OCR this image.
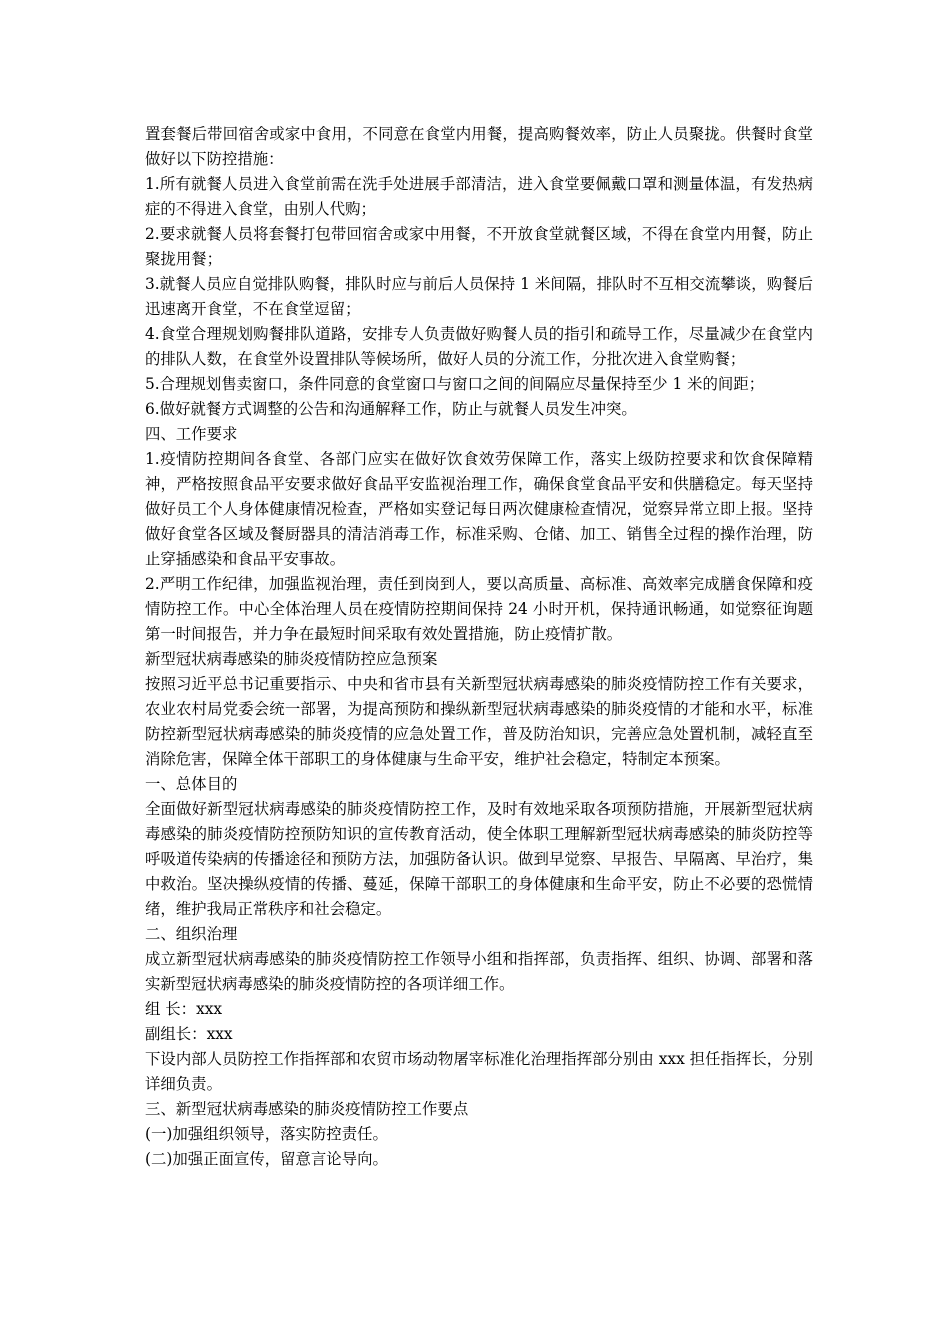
置套餐后带回宿舍或家中食用，不同意在食堂内用餐，提高购餐效率，防止人员聚拢。供餐时食堂做好以下防控措施：

1.所有就餐人员进入食堂前需在洗手处进展手部清洁，进入食堂要佩戴口罩和测量体温，有发热病症的不得进入食堂，由别人代购；

2.要求就餐人员将套餐打包带回宿舍或家中用餐，不开放食堂就餐区域，不得在食堂内用餐，防止聚拢用餐；

3.就餐人员应自觉排队购餐，排队时应与前后人员保持 1 米间隔，排队时不互相交流攀谈，购餐后迅速离开食堂，不在食堂逗留；

4.食堂合理规划购餐排队道路，安排专人负责做好购餐人员的指引和疏导工作，尽量减少在食堂内的排队人数，在食堂外设置排队等候场所，做好人员的分流工作，分批次进入食堂购餐；

5.合理规划售卖窗口，条件同意的食堂窗口与窗口之间的间隔应尽量保持至少 1 米的间距；

6.做好就餐方式调整的公告和沟通解释工作，防止与就餐人员发生冲突。

四、工作要求

1.疫情防控期间各食堂、各部门应实在做好饮食效劳保障工作，落实上级防控要求和饮食保障精神，严格按照食品平安要求做好食品平安监视治理工作，确保食堂食品平安和供膳稳定。每天坚持做好员工个人身体健康情况检查，严格如实登记每日两次健康检查情况，觉察异常立即上报。坚持做好食堂各区域及餐厨器具的清洁消毒工作，标准采购、仓储、加工、销售全过程的操作治理，防止穿插感染和食品平安事故。

2.严明工作纪律，加强监视治理，责任到岗到人，要以高质量、高标准、高效率完成膳食保障和疫情防控工作。中心全体治理人员在疫情防控期间保持 24 小时开机，保持通讯畅通，如觉察征询题第一时间报告，并力争在最短时间采取有效处置措施，防止疫情扩散。

新型冠状病毒感染的肺炎疫情防控应急预案

按照习近平总书记重要指示、中央和省市县有关新型冠状病毒感染的肺炎疫情防控工作有关要求，农业农村局党委会统一部署，为提高预防和操纵新型冠状病毒感染的肺炎疫情的才能和水平，标准防控新型冠状病毒感染的肺炎疫情的应急处置工作，普及防治知识，完善应急处置机制，减轻直至消除危害，保障全体干部职工的身体健康与生命平安，维护社会稳定，特制定本预案。

一、总体目的

全面做好新型冠状病毒感染的肺炎疫情防控工作，及时有效地采取各项预防措施，开展新型冠状病毒感染的肺炎疫情防控预防知识的宣传教育活动，使全体职工理解新型冠状病毒感染的肺炎防控等呼吸道传染病的传播途径和预防方法，加强防备认识。做到早觉察、早报告、早隔离、早治疗，集中救治。坚决操纵疫情的传播、蔓延，保障干部职工的身体健康和生命平安，防止不必要的恐慌情绪，维护我局正常秩序和社会稳定。

二、组织治理

成立新型冠状病毒感染的肺炎疫情防控工作领导小组和指挥部，负责指挥、组织、协调、部署和落实新型冠状病毒感染的肺炎疫情防控的各项详细工作。

组 长：xxx

副组长：xxx

下设内部人员防控工作指挥部和农贸市场动物屠宰标准化治理指挥部分别由 xxx 担任指挥长，分别详细负责。

三、新型冠状病毒感染的肺炎疫情防控工作要点

(一)加强组织领导，落实防控责任。

(二)加强正面宣传，留意言论导向。
